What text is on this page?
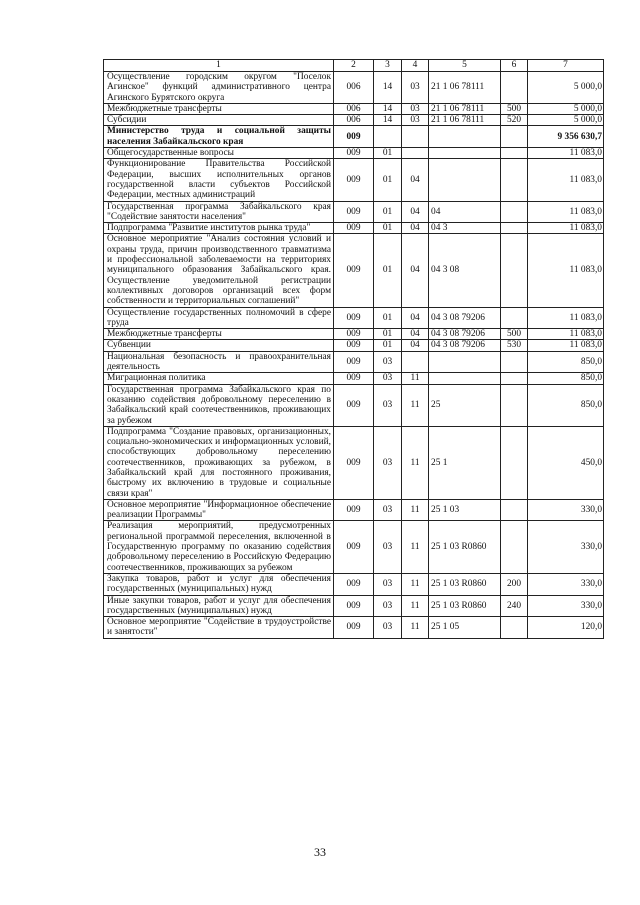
1	2	3	4	5	6	7
Осуществление городским округом "Поселок Агинское" функций административного центра Агинского Бурятского округа	006	14	03	21 1 06 78111		5 000,0
Межбюджетные трансферты	006	14	03	21 1 06 78111	500	5 000,0
Субсидии	006	14	03	21 1 06 78111	520	5 000,0
Министерство труда и социальной защиты населения Забайкальского края	009					9 356 630,7
Общегосударственные вопросы	009	01				11 083,0
Функционирование Правительства Российской Федерации, высших исполнительных органов государственной власти субъектов Российской Федерации, местных администраций	009	01	04			11 083,0
Государственная программа Забайкальского края "Содействие занятости населения"	009	01	04	04		11 083,0
Подпрограмма "Развитие институтов рынка труда"	009	01	04	04 3		11 083,0
Основное мероприятие "Анализ состояния условий и охраны труда, причин производственного травматизма и профессиональной заболеваемости на территориях муниципального образования Забайкальского края. Осуществление уведомительной регистрации коллективных договоров организаций всех форм собственности и территориальных соглашений"	009	01	04	04 3 08		11 083,0
Осуществление государственных полномочий в сфере труда	009	01	04	04 3 08 79206		11 083,0
Межбюджетные трансферты	009	01	04	04 3 08 79206	500	11 083,0
Субвенции	009	01	04	04 3 08 79206	530	11 083,0
Национальная безопасность и правоохранительная деятельность	009	03				850,0
Миграционная политика	009	03	11			850,0
Государственная программа Забайкальского края по оказанию содействия добровольному переселению в Забайкальский край соотечественников, проживающих за рубежом	009	03	11	25		850,0
Подпрограмма "Создание правовых, организационных, социально-экономических и информационных условий, способствующих добровольному переселению соотечественников, проживающих за рубежом, в Забайкальский край для постоянного проживания, быстрому их включению в трудовые и социальные связи края"	009	03	11	25 1		450,0
Основное мероприятие "Информационное обеспечение реализации Программы"	009	03	11	25 1 03		330,0
Реализация мероприятий, предусмотренных региональной программой переселения, включенной в Государственную программу по оказанию содействия добровольному переселению в Российскую Федерацию соотечественников, проживающих за рубежом	009	03	11	25 1 03 R0860		330,0
Закупка товаров, работ и услуг для обеспечения государственных (муниципальных) нужд	009	03	11	25 1 03 R0860	200	330,0
Иные закупки товаров, работ и услуг для обеспечения государственных (муниципальных) нужд	009	03	11	25 1 03 R0860	240	330,0
Основное мероприятие "Содействие в трудоустройстве и занятости"	009	03	11	25 1 05		120,0
33
